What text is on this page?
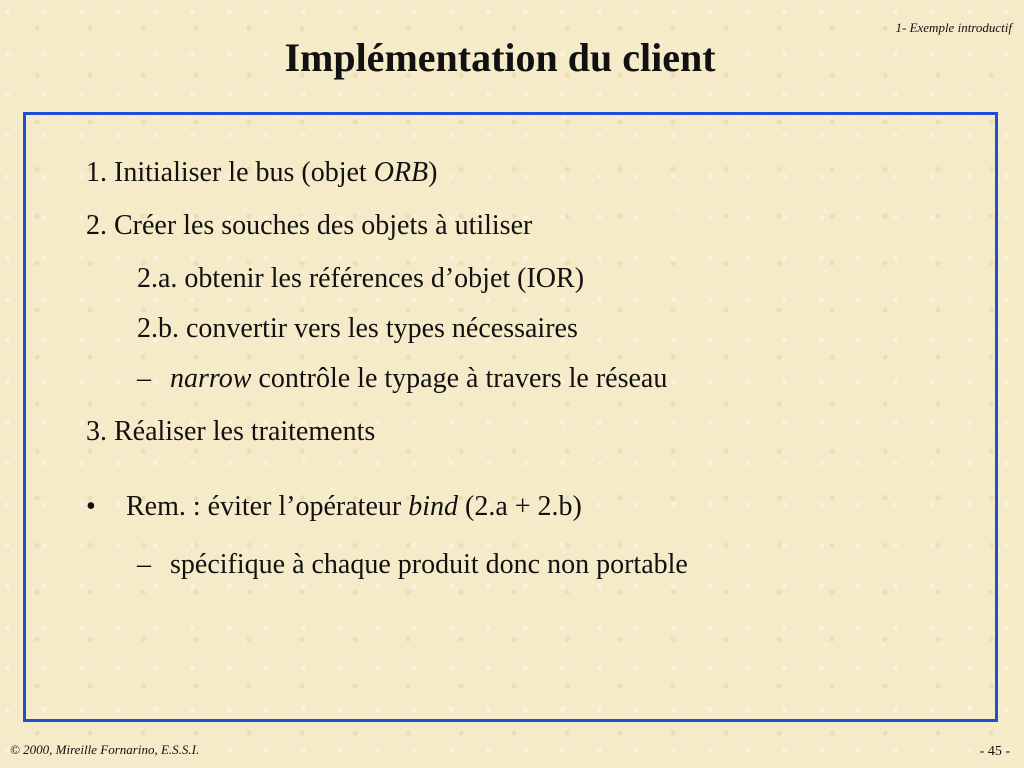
1- Exemple introductif
Implémentation du client
1. Initialiser le bus (objet ORB)
2. Créer les souches des objets à utiliser
2.a. obtenir les références d’objet (IOR)
2.b. convertir vers les types nécessaires
– narrow contrôle le typage à travers le réseau
3. Réaliser les traitements
• Rem. : éviter l’opérateur bind (2.a + 2.b)
– spécifique à chaque produit donc non portable
© 2000, Mireille Fornarino, E.S.S.I.	- 45 -
